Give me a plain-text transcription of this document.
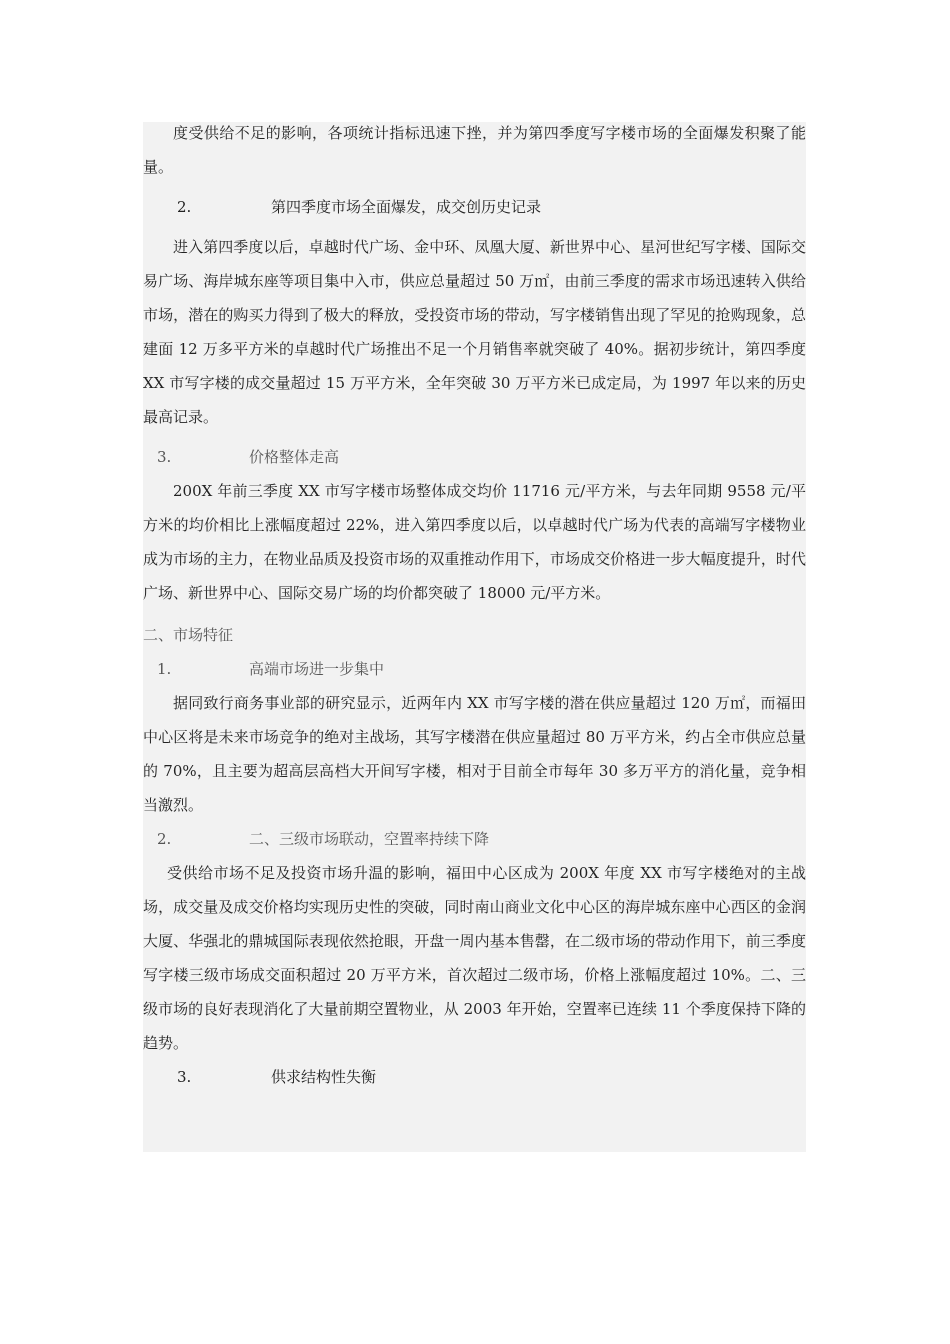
度受供给不足的影响，各项统计指标迅速下挫，并为第四季度写字楼市场的全面爆发积聚了能量。

2.	第四季度市场全面爆发，成交创历史记录

进入第四季度以后，卓越时代广场、金中环、凤凰大厦、新世界中心、星河世纪写字楼、国际交易广场、海岸城东座等项目集中入市，供应总量超过 50 万㎡，由前三季度的需求市场迅速转入供给市场，潜在的购买力得到了极大的释放，受投资市场的带动，写字楼销售出现了罕见的抢购现象，总建面 12 万多平方米的卓越时代广场推出不足一个月销售率就突破了 40%。据初步统计，第四季度 XX 市写字楼的成交量超过 15 万平方米，全年突破 30 万平方米已成定局，为 1997 年以来的历史最高记录。

3.	价格整体走高

200X 年前三季度 XX 市写字楼市场整体成交均价 11716 元/平方米，与去年同期 9558 元/平方米的均价相比上涨幅度超过 22%，进入第四季度以后，以卓越时代广场为代表的高端写字楼物业成为市场的主力，在物业品质及投资市场的双重推动作用下，市场成交价格进一步大幅度提升，时代广场、新世界中心、国际交易广场的均价都突破了 18000 元/平方米。

二、市场特征

1.	高端市场进一步集中

据同致行商务事业部的研究显示，近两年内 XX 市写字楼的潜在供应量超过 120 万㎡，而福田中心区将是未来市场竞争的绝对主战场，其写字楼潜在供应量超过 80 万平方米，约占全市供应总量的 70%，且主要为超高层高档大开间写字楼，相对于目前全市每年 30 多万平方的消化量，竞争相当激烈。

2.	二、三级市场联动，空置率持续下降

受供给市场不足及投资市场升温的影响，福田中心区成为 200X 年度 XX 市写字楼绝对的主战场，成交量及成交价格均实现历史性的突破，同时南山商业文化中心区的海岸城东座中心西区的金润大厦、华强北的鼎城国际表现依然抢眼，开盘一周内基本售罄，在二级市场的带动作用下，前三季度写字楼三级市场成交面积超过 20 万平方米，首次超过二级市场，价格上涨幅度超过 10%。二、三级市场的良好表现消化了大量前期空置物业，从 2003 年开始，空置率已连续 11 个季度保持下降的趋势。

3.	供求结构性失衡
